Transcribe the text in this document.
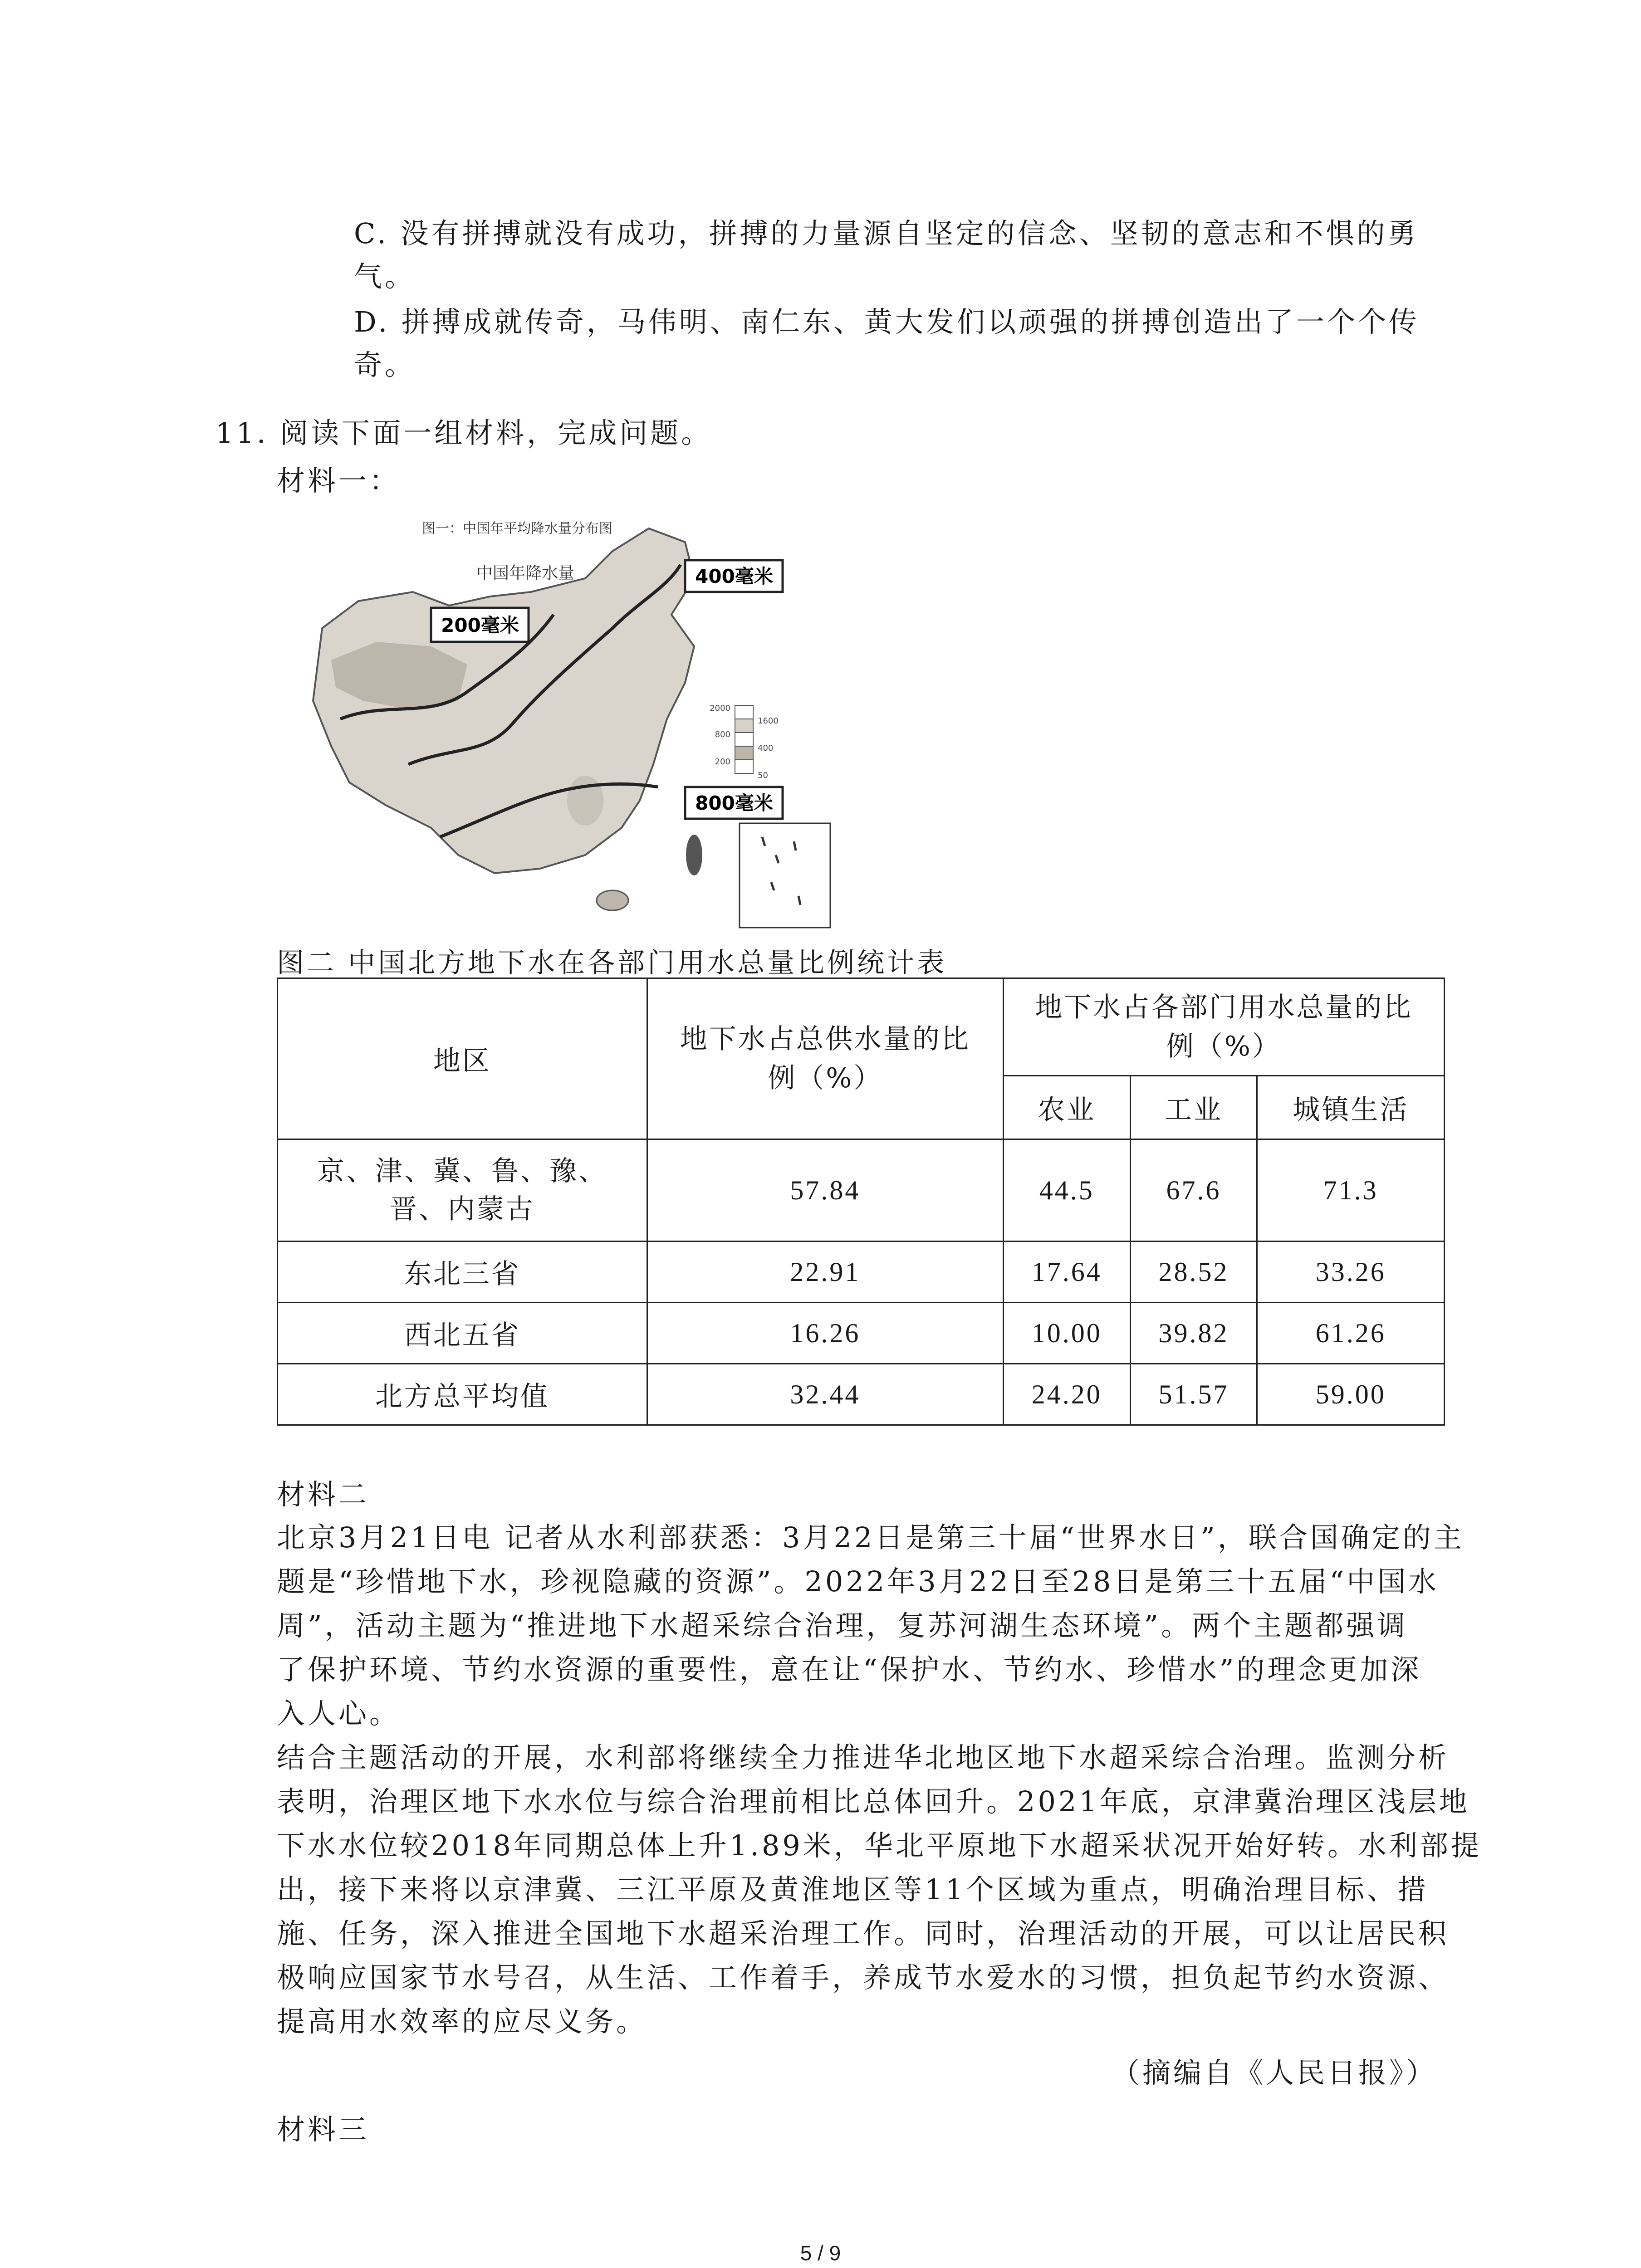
C. 没有拼搏就没有成功，拼搏的力量源自坚定的信念、坚韧的意志和不惧的勇
气。
D. 拼搏成就传奇，马伟明、南仁东、黄大发们以顽强的拼搏创造出了一个个传
奇。
11. 阅读下面一组材料，完成问题。
材料一：
图一：中国年平均降水量分布图
中国年降水量
200毫米
400毫米
800毫米
2000
1600
800
400
200
50
图二 中国北方地下水在各部门用水总量比例统计表
地区	地下水占总供水量的比例（%）	地下水占各部门用水总量的比例（%）		
		农业	工业	城镇生活
京、津、冀、鲁、豫、
晋、内蒙古	57.84	44.5	67.6	71.3
东北三省	22.91	17.64	28.52	33.26
西北五省	16.26	10.00	39.82	61.26
北方总平均值	32.44	24.20	51.57	59.00
材料二
北京3月21日电 记者从水利部获悉：3月22日是第三十届“世界水日”，联合国确定的主
题是“珍惜地下水，珍视隐藏的资源”。2022年3月22日至28日是第三十五届“中国水
周”，活动主题为“推进地下水超采综合治理，复苏河湖生态环境”。两个主题都强调
了保护环境、节约水资源的重要性，意在让“保护水、节约水、珍惜水”的理念更加深
入人心。
结合主题活动的开展，水利部将继续全力推进华北地区地下水超采综合治理。监测分析
表明，治理区地下水水位与综合治理前相比总体回升。2021年底，京津冀治理区浅层地
下水水位较2018年同期总体上升1.89米，华北平原地下水超采状况开始好转。水利部提
出，接下来将以京津冀、三江平原及黄淮地区等11个区域为重点，明确治理目标、措
施、任务，深入推进全国地下水超采治理工作。同时，治理活动的开展，可以让居民积
极响应国家节水号召，从生活、工作着手，养成节水爱水的习惯，担负起节约水资源、
提高用水效率的应尽义务。
（摘编自《人民日报》）
材料三
5 / 9
